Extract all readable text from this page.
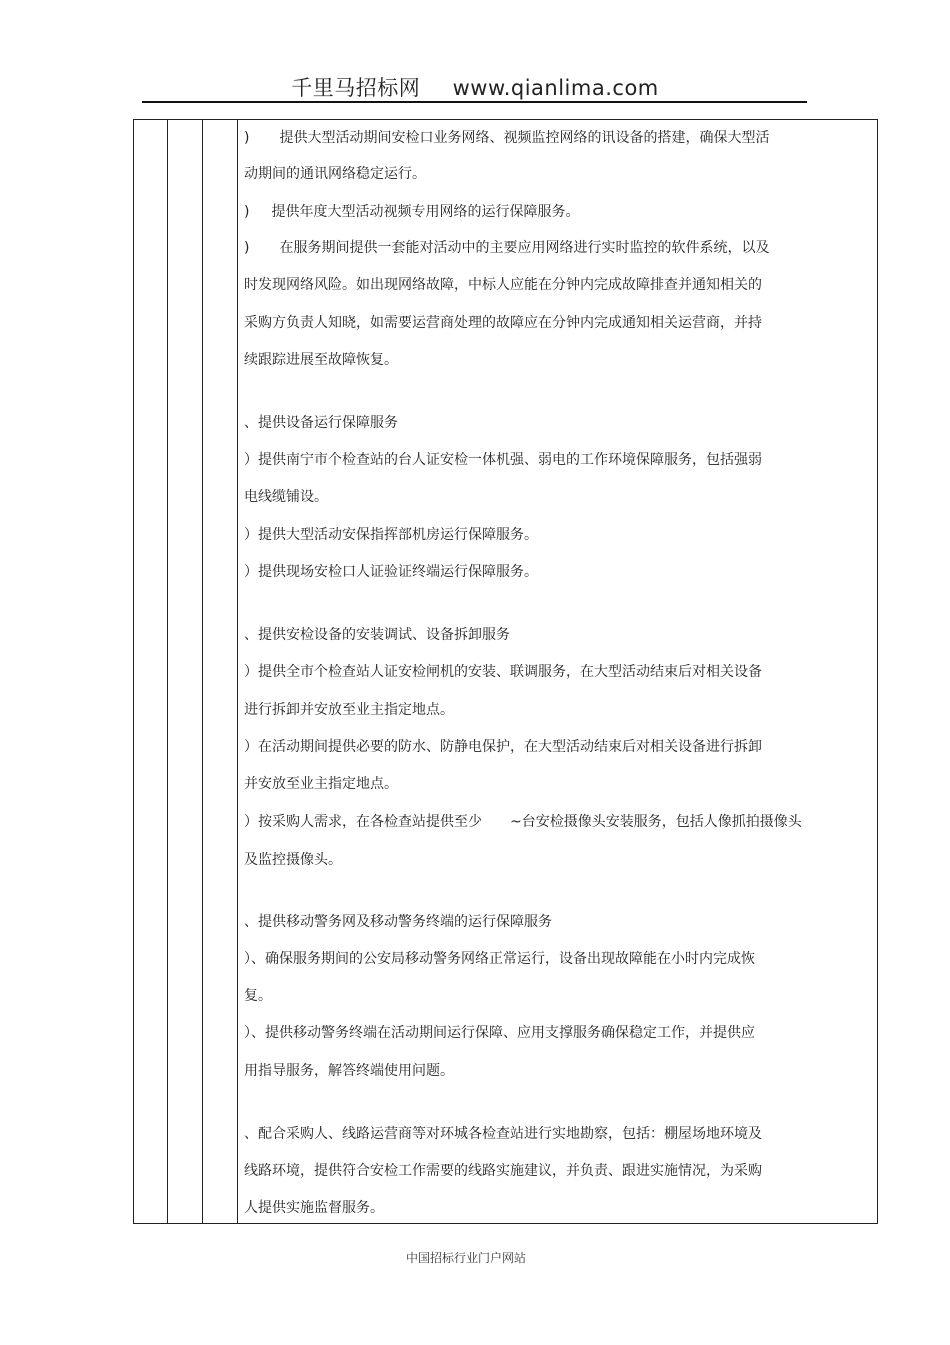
千里马招标网 www.qianlima.com
) 提供大型活动期间安检口业务网络、视频监控网络的讯设备的搭建，确保大型活
动期间的通讯网络稳定运行。
) 提供年度大型活动视频专用网络的运行保障服务。
) 在服务期间提供一套能对活动中的主要应用网络进行实时监控的软件系统，以及
时发现网络风险。如出现网络故障，中标人应能在分钟内完成故障排查并通知相关的
采购方负责人知晓，如需要运营商处理的故障应在分钟内完成通知相关运营商，并持
续跟踪进展至故障恢复。
、提供设备运行保障服务
）提供南宁市个检查站的台人证安检一体机强、弱电的工作环境保障服务，包括强弱
电线缆铺设。
）提供大型活动安保指挥部机房运行保障服务。
）提供现场安检口人证验证终端运行保障服务。
、提供安检设备的安装调试、设备拆卸服务
）提供全市个检查站人证安检闸机的安装、联调服务，在大型活动结束后对相关设备
进行拆卸并安放至业主指定地点。
）在活动期间提供必要的防水、防静电保护，在大型活动结束后对相关设备进行拆卸
并安放至业主指定地点。
）按采购人需求，在各检查站提供至少 ~台安检摄像头安装服务，包括人像抓拍摄像头
及监控摄像头。
、提供移动警务网及移动警务终端的运行保障服务
）、确保服务期间的公安局移动警务网络正常运行，设备出现故障能在小时内完成恢
复。
）、提供移动警务终端在活动期间运行保障、应用支撑服务确保稳定工作，并提供应
用指导服务，解答终端使用问题。
、配合采购人、线路运营商等对环城各检查站进行实地勘察，包括：棚屋场地环境及
线路环境，提供符合安检工作需要的线路实施建议，并负责、跟进实施情况，为采购
人提供实施监督服务。
中国招标行业门户网站
